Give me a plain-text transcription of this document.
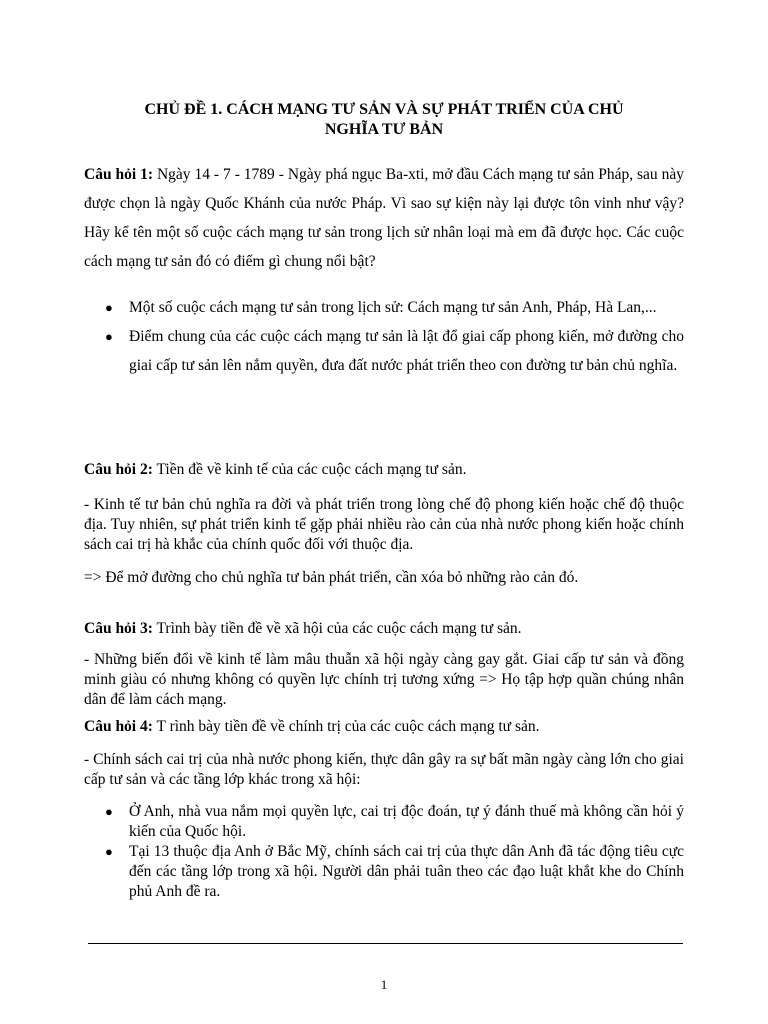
CHỦ ĐỀ 1. CÁCH MẠNG TƯ SẢN VÀ SỰ PHÁT TRIỂN CỦA CHỦ
NGHĨA TƯ BẢN
Câu hỏi 1: Ngày 14 - 7 - 1789 - Ngày phá ngục Ba-xti, mở đầu Cách mạng tư sản Pháp, sau này được chọn là ngày Quốc Khánh của nước Pháp. Vì sao sự kiện này lại được tôn vinh như vậy? Hãy kể tên một số cuộc cách mạng tư sản trong lịch sử nhân loại mà em đã được học. Các cuộc cách mạng tư sản đó có điểm gì chung nổi bật?
● Một số cuộc cách mạng tư sản trong lịch sử: Cách mạng tư sản Anh, Pháp, Hà Lan,...
● Điểm chung của các cuộc cách mạng tư sản là lật đổ giai cấp phong kiến, mở đường cho giai cấp tư sản lên nắm quyền, đưa đất nước phát triển theo con đường tư bản chủ nghĩa.
Câu hỏi 2: Tiền đề về kinh tế của các cuộc cách mạng tư sản.
- Kinh tế tư bản chủ nghĩa ra đời và phát triển trong lòng chế độ phong kiến hoặc chế độ thuộc địa. Tuy nhiên, sự phát triển kinh tế gặp phải nhiều rào cản của nhà nước phong kiến hoặc chính sách cai trị hà khắc của chính quốc đối với thuộc địa.
=> Để mở đường cho chủ nghĩa tư bản phát triển, cần xóa bỏ những rào cản đó.
Câu hỏi 3: Trình bày tiền đề về xã hội của các cuộc cách mạng tư sản.
- Những biến đổi về kinh tế làm mâu thuẫn xã hội ngày càng gay gắt. Giai cấp tư sản và đồng minh giàu có nhưng không có quyền lực chính trị tương xứng => Họ tập hợp quần chúng nhân dân để làm cách mạng.
Câu hỏi 4: T rình bày tiền đề về chính trị của các cuộc cách mạng tư sản.
- Chính sách cai trị của nhà nước phong kiến, thực dân gây ra sự bất mãn ngày càng lớn cho giai cấp tư sản và các tầng lớp khác trong xã hội:
● Ở Anh, nhà vua nắm mọi quyền lực, cai trị độc đoán, tự ý đánh thuế mà không cần hỏi ý kiến của Quốc hội.
● Tại 13 thuộc địa Anh ở Bắc Mỹ, chính sách cai trị của thực dân Anh đã tác động tiêu cực đến các tầng lớp trong xã hội. Người dân phải tuân theo các đạo luật khắt khe do Chính phủ Anh đề ra.
1
